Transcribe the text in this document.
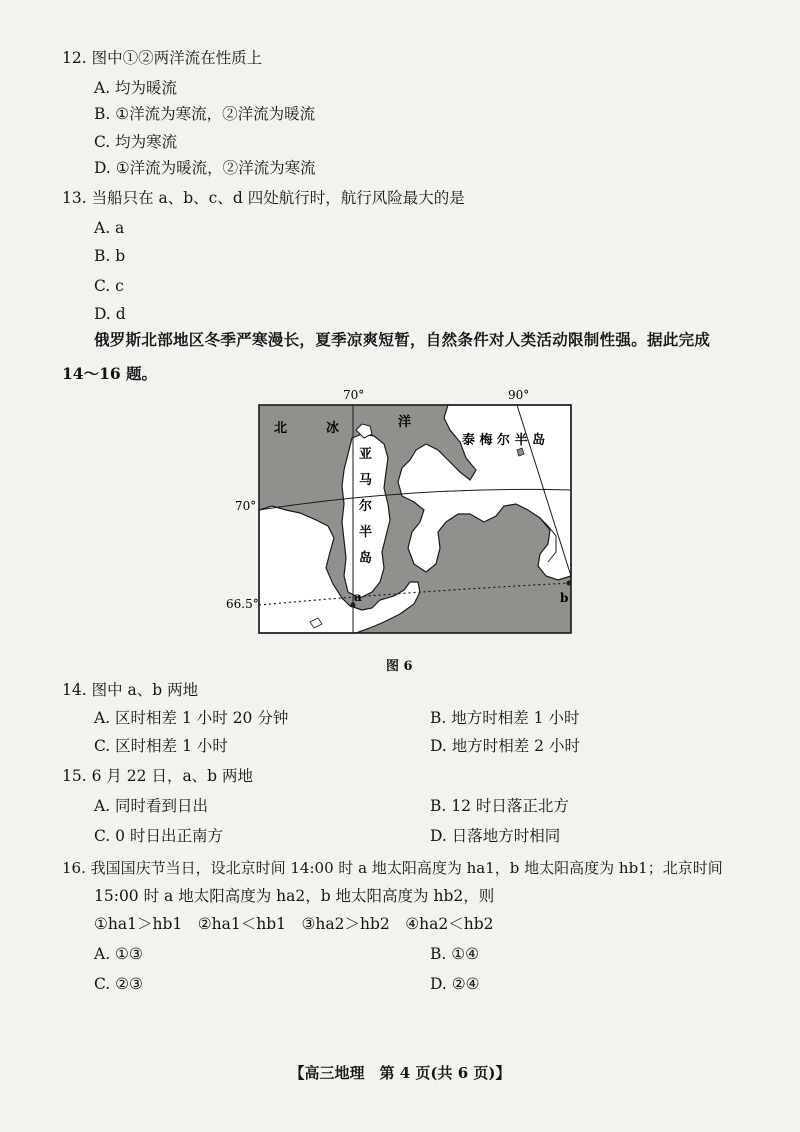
12. 图中①②两洋流在性质上
A. 均为暖流
B. ①洋流为寒流，②洋流为暖流
C. 均为寒流
D. ①洋流为暖流，②洋流为寒流
13. 当船只在 a、b、c、d 四处航行时，航行风险最大的是
A. a
B. b
C. c
D. d
俄罗斯北部地区冬季严寒漫长，夏季凉爽短暂，自然条件对人类活动限制性强。据此完成
14～16 题。
70°	90°
70°
66.5°
北	冰	洋
亚
马
尔
半
岛
泰 梅 尔 半 岛
a	b
图 6
14. 图中 a、b 两地
A. 区时相差 1 小时 20 分钟	B. 地方时相差 1 小时
C. 区时相差 1 小时	D. 地方时相差 2 小时
15. 6 月 22 日，a、b 两地
A. 同时看到日出	B. 12 时日落正北方
C. 0 时日出正南方	D. 日落地方时相同
16. 我国国庆节当日，设北京时间 14:00 时 a 地太阳高度为 ha1，b 地太阳高度为 hb1；北京时间
15:00 时 a 地太阳高度为 ha2，b 地太阳高度为 hb2，则
①ha1＞hb1　②ha1＜hb1　③ha2＞hb2　④ha2＜hb2
A. ①③	B. ①④
C. ②③	D. ②④
【高三地理　第 4 页(共 6 页)】
